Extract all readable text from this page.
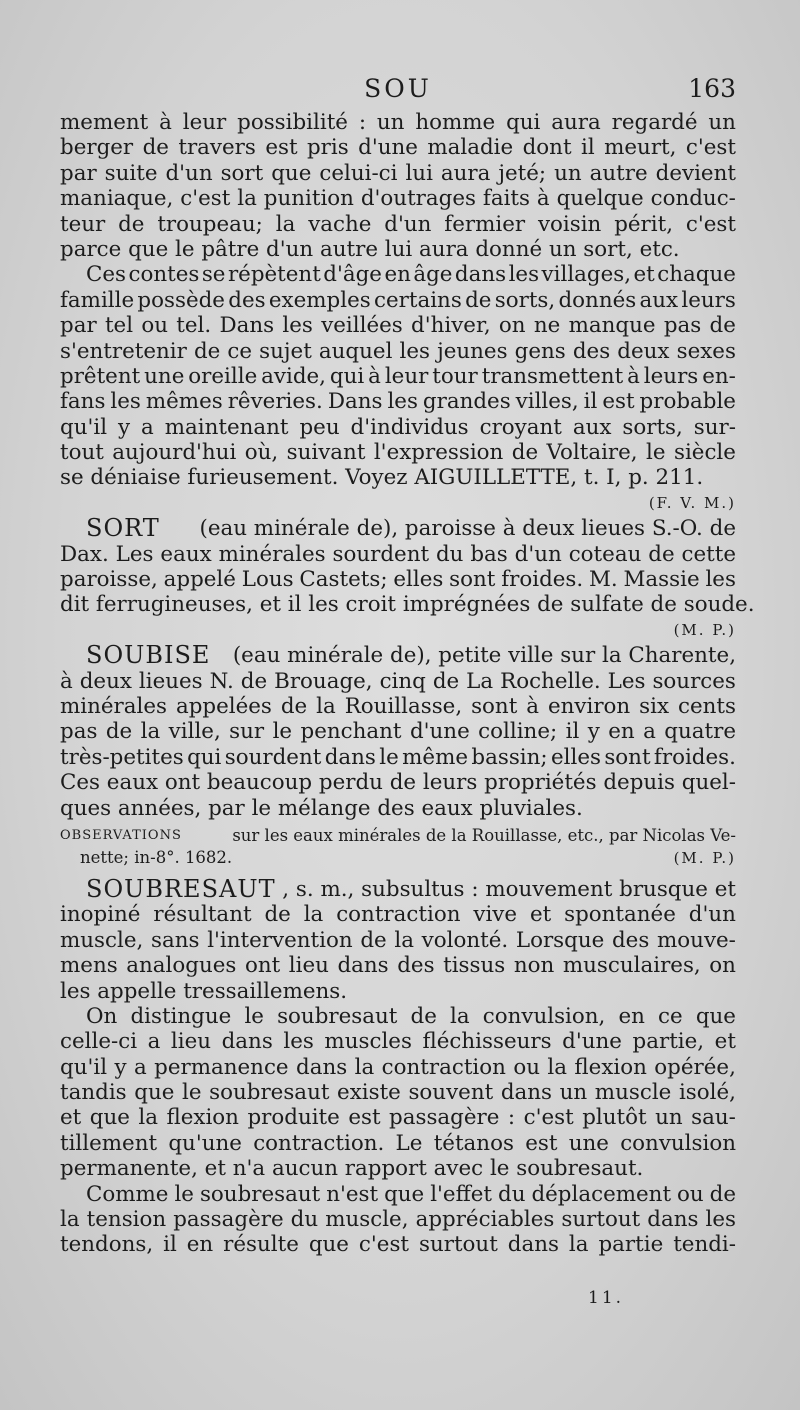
SOU	163
mement à leur possibilité : un homme qui aura regardé un
berger de travers est pris d'une maladie dont il meurt, c'est
par suite d'un sort que celui-ci lui aura jeté; un autre devient
maniaque, c'est la punition d'outrages faits à quelque conduc-
teur de troupeau; la vache d'un fermier voisin périt, c'est
parce que le pâtre d'un autre lui aura donné un sort, etc.
Ces contes se répètent d'âge en âge dans les villages, et chaque
famille possède des exemples certains de sorts, donnés aux leurs
par tel ou tel. Dans les veillées d'hiver, on ne manque pas de
s'entretenir de ce sujet auquel les jeunes gens des deux sexes
prêtent une oreille avide, qui à leur tour transmettent à leurs en-
fans les mêmes rêveries. Dans les grandes villes, il est probable
qu'il y a maintenant peu d'individus croyant aux sorts, sur-
tout aujourd'hui où, suivant l'expression de Voltaire, le siècle
se déniaise furieusement. Voyez AIGUILLETTE, t. I, p. 211.
(F. V. M.)
SORT (eau minérale de), paroisse à deux lieues S.-O. de
Dax. Les eaux minérales sourdent du bas d'un coteau de cette
paroisse, appelé Lous Castets; elles sont froides. M. Massie les
dit ferrugineuses, et il les croit imprégnées de sulfate de soude.
(M. P.)
SOUBISE (eau minérale de), petite ville sur la Charente,
à deux lieues N. de Brouage, cinq de La Rochelle. Les sources
minérales appelées de la Rouillasse, sont à environ six cents
pas de la ville, sur le penchant d'une colline; il y en a quatre
très-petites qui sourdent dans le même bassin; elles sont froides.
Ces eaux ont beaucoup perdu de leurs propriétés depuis quel-
ques années, par le mélange des eaux pluviales.
OBSERVATIONS	sur les eaux minérales de la Rouillasse, etc., par Nicolas Ve-
nette; in-8°. 1682.	(M. P.)
SOUBRESAUT , s. m., subsultus : mouvement brusque et
inopiné résultant de la contraction vive et spontanée d'un
muscle, sans l'intervention de la volonté. Lorsque des mouve-
mens analogues ont lieu dans des tissus non musculaires, on
les appelle tressaillemens.
On distingue le soubresaut de la convulsion, en ce que
celle-ci a lieu dans les muscles fléchisseurs d'une partie, et
qu'il y a permanence dans la contraction ou la flexion opérée,
tandis que le soubresaut existe souvent dans un muscle isolé,
et que la flexion produite est passagère : c'est plutôt un sau-
tillement qu'une contraction. Le tétanos est une convulsion
permanente, et n'a aucun rapport avec le soubresaut.
Comme le soubresaut n'est que l'effet du déplacement ou de
la tension passagère du muscle, appréciables surtout dans les
tendons, il en résulte que c'est surtout dans la partie tendi-
11.
